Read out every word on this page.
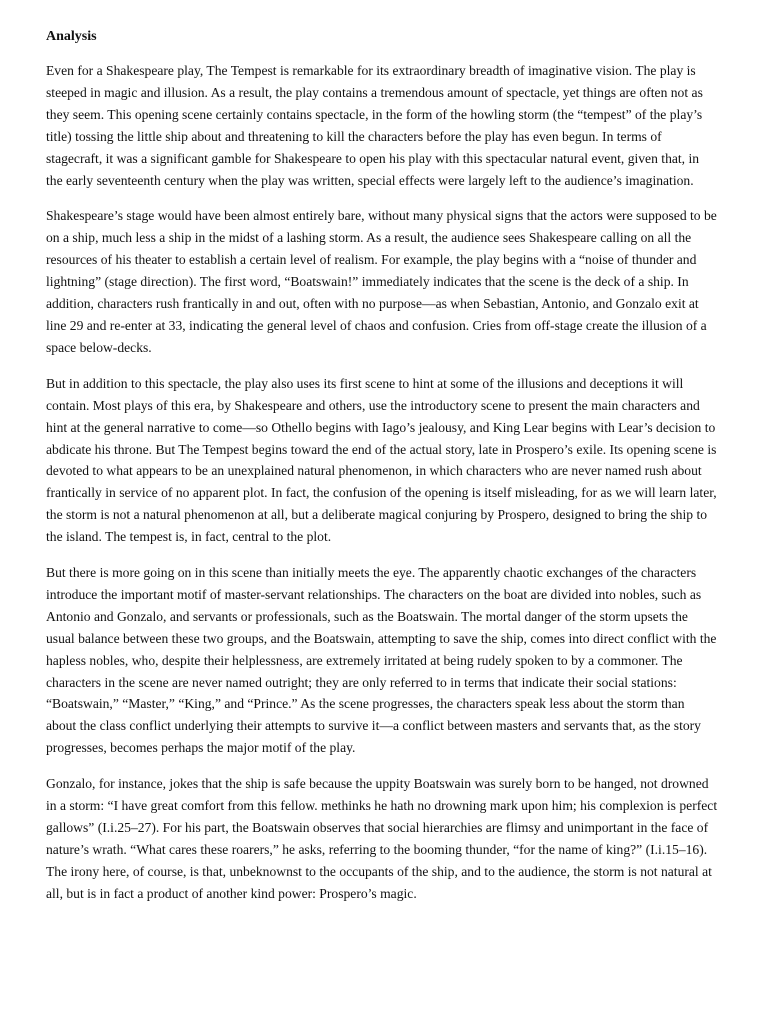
Analysis

Even for a Shakespeare play, The Tempest is remarkable for its extraordinary breadth of imaginative vision. The play is steeped in magic and illusion. As a result, the play contains a tremendous amount of spectacle, yet things are often not as they seem. This opening scene certainly contains spectacle, in the form of the howling storm (the “tempest” of the play’s title) tossing the little ship about and threatening to kill the characters before the play has even begun. In terms of stagecraft, it was a significant gamble for Shakespeare to open his play with this spectacular natural event, given that, in the early seventeenth century when the play was written, special effects were largely left to the audience’s imagination.

Shakespeare’s stage would have been almost entirely bare, without many physical signs that the actors were supposed to be on a ship, much less a ship in the midst of a lashing storm. As a result, the audience sees Shakespeare calling on all the resources of his theater to establish a certain level of realism. For example, the play begins with a “noise of thunder and lightning” (stage direction). The first word, “Boatswain!” immediately indicates that the scene is the deck of a ship. In addition, characters rush frantically in and out, often with no purpose—as when Sebastian, Antonio, and Gonzalo exit at line 29 and re-enter at 33, indicating the general level of chaos and confusion. Cries from off-stage create the illusion of a space below-decks.

But in addition to this spectacle, the play also uses its first scene to hint at some of the illusions and deceptions it will contain. Most plays of this era, by Shakespeare and others, use the introductory scene to present the main characters and hint at the general narrative to come—so Othello begins with Iago’s jealousy, and King Lear begins with Lear’s decision to abdicate his throne. But The Tempest begins toward the end of the actual story, late in Prospero’s exile. Its opening scene is devoted to what appears to be an unexplained natural phenomenon, in which characters who are never named rush about frantically in service of no apparent plot. In fact, the confusion of the opening is itself misleading, for as we will learn later, the storm is not a natural phenomenon at all, but a deliberate magical conjuring by Prospero, designed to bring the ship to the island. The tempest is, in fact, central to the plot.

But there is more going on in this scene than initially meets the eye. The apparently chaotic exchanges of the characters introduce the important motif of master-servant relationships. The characters on the boat are divided into nobles, such as Antonio and Gonzalo, and servants or professionals, such as the Boatswain. The mortal danger of the storm upsets the usual balance between these two groups, and the Boatswain, attempting to save the ship, comes into direct conflict with the hapless nobles, who, despite their helplessness, are extremely irritated at being rudely spoken to by a commoner. The characters in the scene are never named outright; they are only referred to in terms that indicate their social stations: “Boatswain,” “Master,” “King,” and “Prince.” As the scene progresses, the characters speak less about the storm than about the class conflict underlying their attempts to survive it—a conflict between masters and servants that, as the story progresses, becomes perhaps the major motif of the play.

Gonzalo, for instance, jokes that the ship is safe because the uppity Boatswain was surely born to be hanged, not drowned in a storm: “I have great comfort from this fellow. methinks he hath no drowning mark upon him; his complexion is perfect gallows” (I.i.25–27). For his part, the Boatswain observes that social hierarchies are flimsy and unimportant in the face of nature’s wrath. “What cares these roarers,” he asks, referring to the booming thunder, “for the name of king?” (I.i.15–16). The irony here, of course, is that, unbeknownst to the occupants of the ship, and to the audience, the storm is not natural at all, but is in fact a product of another kind power: Prospero’s magic.
